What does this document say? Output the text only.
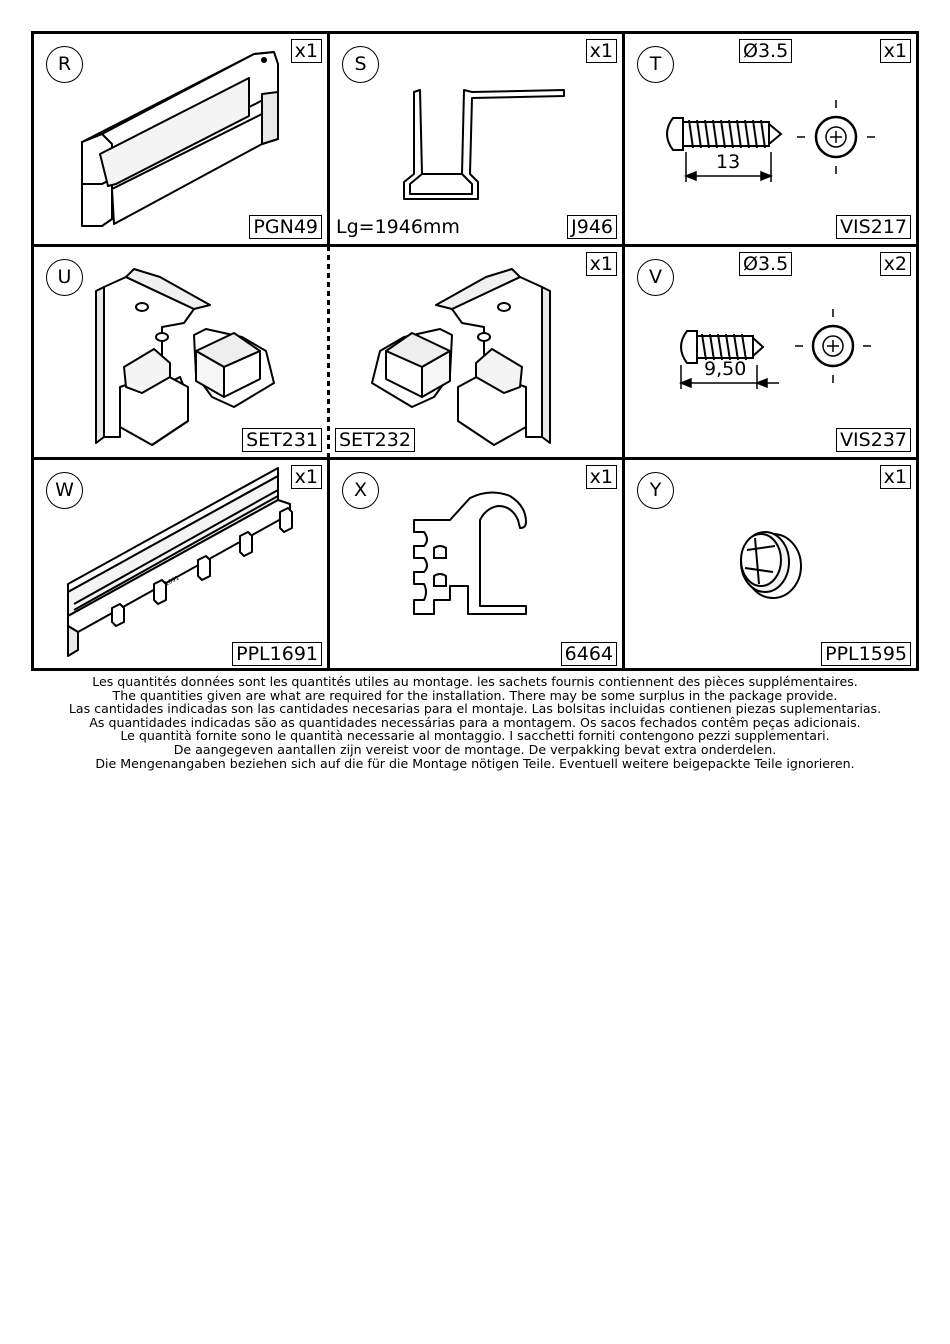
R
x1
PGN49
S
x1
Lg=1946mm	J946
Ø3.5
13
T
x1
VIS217
U
SET231
x1
SET232
Ø3.5
9,50
V
x2
VIS237
1691
W
x1
PPL1691
X
x1
6464
Y
x1
PPL1595
Les quantités données sont les quantités utiles au montage. les sachets fournis contiennent des pièces supplémentaires.
The quantities given are what are required for the installation. There may be some surplus in the package provide.
Las cantidades indicadas son las cantidades necesarias para el montaje. Las bolsitas incluidas contienen piezas suplementarias.
As quantidades indicadas são as quantidades necessárias para a montagem. Os sacos fechados contêm peças adicionais.
Le quantità fornite sono le quantità necessarie al montaggio. I sacchetti forniti contengono pezzi supplementari.
De aangegeven aantallen zijn vereist voor de montage. De verpakking bevat extra onderdelen.
Die Mengenangaben beziehen sich auf die für die Montage nötigen Teile. Eventuell weitere beigepackte Teile ignorieren.
